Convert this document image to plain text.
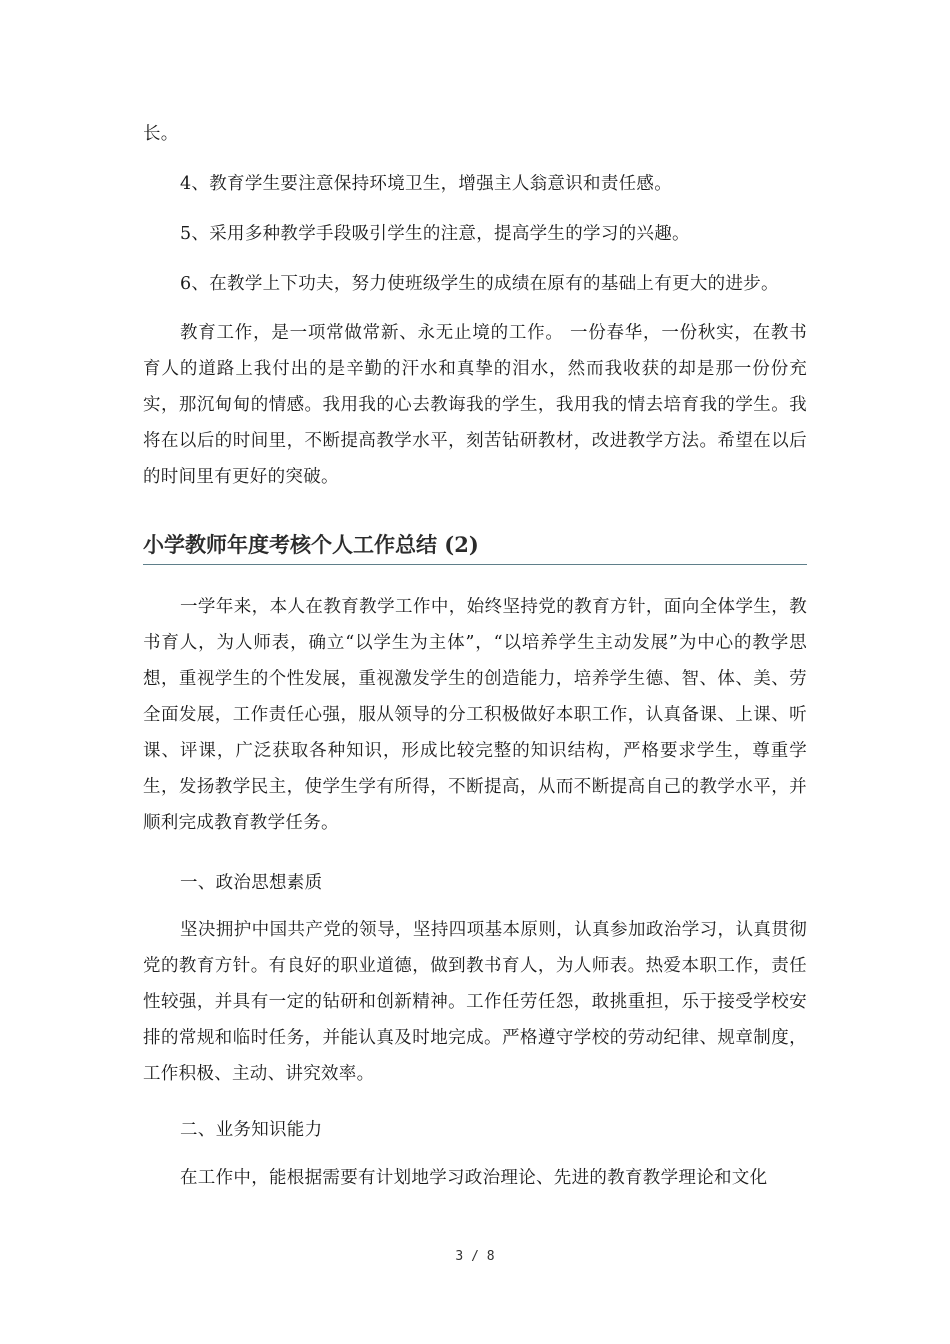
长。

4、教育学生要注意保持环境卫生，增强主人翁意识和责任感。

5、采用多种教学手段吸引学生的注意，提高学生的学习的兴趣。

6、在教学上下功夫，努力使班级学生的成绩在原有的基础上有更大的进步。

教育工作，是一项常做常新、永无止境的工作。 一份春华，一份秋实，在教书育人的道路上我付出的是辛勤的汗水和真挚的泪水，然而我收获的却是那一份份充实，那沉甸甸的情感。我用我的心去教诲我的学生，我用我的情去培育我的学生。我将在以后的时间里，不断提高教学水平，刻苦钻研教材，改进教学方法。希望在以后的时间里有更好的突破。

小学教师年度考核个人工作总结 (2)

一学年来，本人在教育教学工作中，始终坚持党的教育方针，面向全体学生，教书育人，为人师表，确立“以学生为主体”，“以培养学生主动发展”为中心的教学思想，重视学生的个性发展，重视激发学生的创造能力，培养学生德、智、体、美、劳全面发展，工作责任心强，服从领导的分工积极做好本职工作，认真备课、上课、听课、评课，广泛获取各种知识，形成比较完整的知识结构，严格要求学生，尊重学生，发扬教学民主，使学生学有所得，不断提高，从而不断提高自己的教学水平，并顺利完成教育教学任务。

一、政治思想素质

坚决拥护中国共产党的领导，坚持四项基本原则，认真参加政治学习，认真贯彻党的教育方针。有良好的职业道德，做到教书育人，为人师表。热爱本职工作，责任性较强，并具有一定的钻研和创新精神。工作任劳任怨，敢挑重担，乐于接受学校安排的常规和临时任务，并能认真及时地完成。严格遵守学校的劳动纪律、规章制度，工作积极、主动、讲究效率。

二、业务知识能力

在工作中，能根据需要有计划地学习政治理论、先进的教育教学理论和文化

3 / 8
